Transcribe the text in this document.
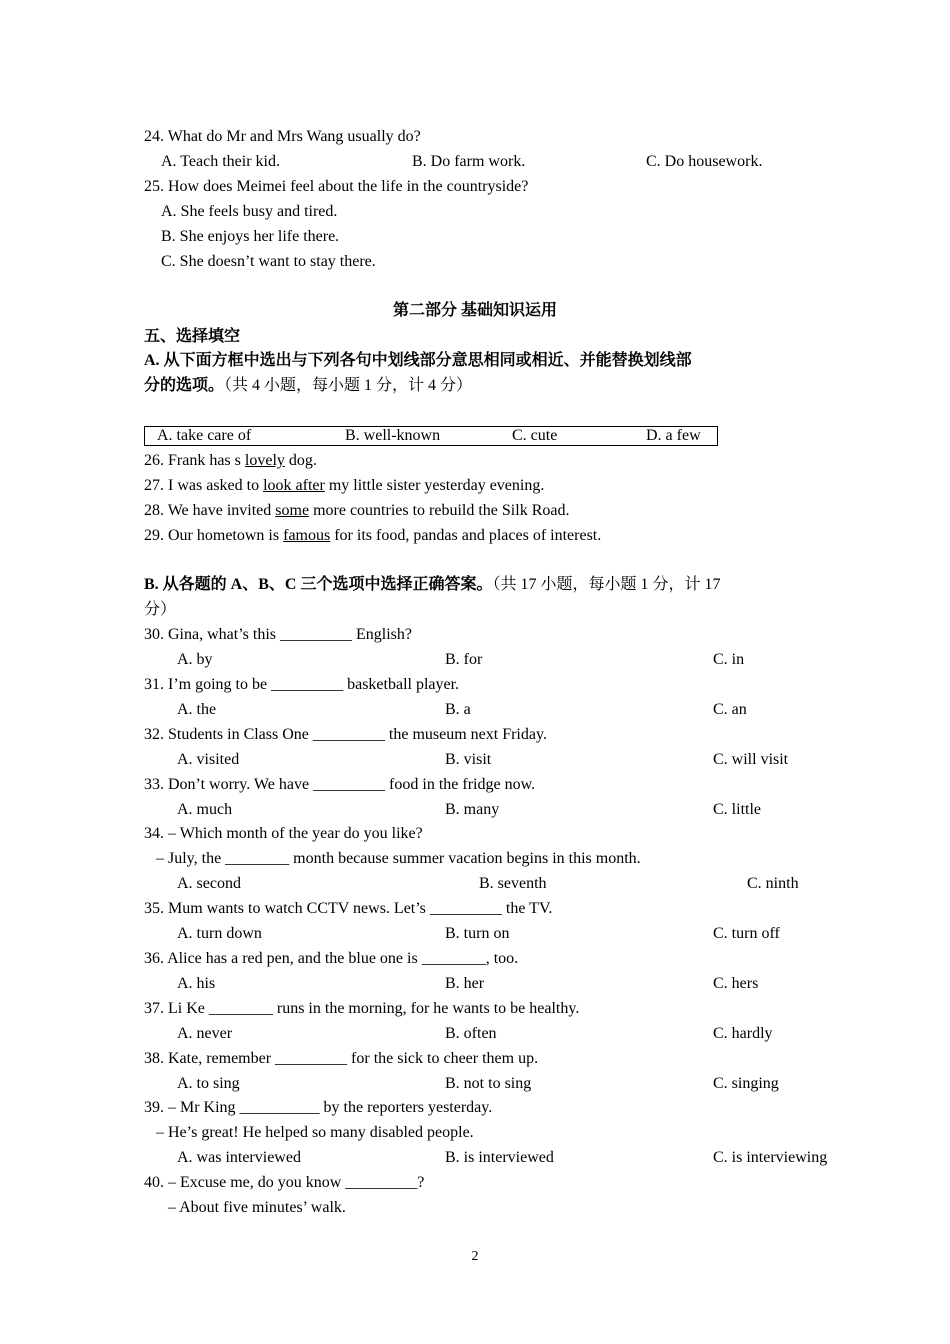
24. What do Mr and Mrs Wang usually do?
A. Teach their kid.	B. Do farm work.	C. Do housework.
25. How does Meimei feel about the life in the countryside?
A. She feels busy and tired.
B. She enjoys her life there.
C. She doesn’t want to stay there.
第二部分 基础知识运用
五、选择填空
A. 从下面方框中选出与下列各句中划线部分意思相同或相近、并能替换划线部
分的选项。（共 4 小题，每小题 1 分，计 4 分）
A. take care of	B. well-known	C. cute	D. a few
26. Frank has s lovely dog.
27. I was asked to look after my little sister yesterday evening.
28. We have invited some more countries to rebuild the Silk Road.
29. Our hometown is famous for its food, pandas and places of interest.
B. 从各题的 A、B、C 三个选项中选择正确答案。（共 17 小题，每小题 1 分，计 17
分）
30. Gina, what’s this _________ English?
A. by	B. for	C. in
31. I’m going to be _________ basketball player.
A. the	B. a	C. an
32. Students in Class One _________ the museum next Friday.
A. visited	B. visit	C. will visit
33. Don’t worry. We have _________ food in the fridge now.
A. much	B. many	C. little
34. – Which month of the year do you like?
– July, the ________ month because summer vacation begins in this month.
A. second	B. seventh	C. ninth
35. Mum wants to watch CCTV news. Let’s _________ the TV.
A. turn down	B. turn on	C. turn off
36. Alice has a red pen, and the blue one is ________, too.
A. his	B. her	C. hers
37. Li Ke ________ runs in the morning, for he wants to be healthy.
A. never	B. often	C. hardly
38. Kate, remember _________ for the sick to cheer them up.
A. to sing	B. not to sing	C. singing
39. – Mr King __________ by the reporters yesterday.
– He’s great! He helped so many disabled people.
A. was interviewed	B. is interviewed	C. is interviewing
40. – Excuse me, do you know _________?
– About five minutes’ walk.
2
